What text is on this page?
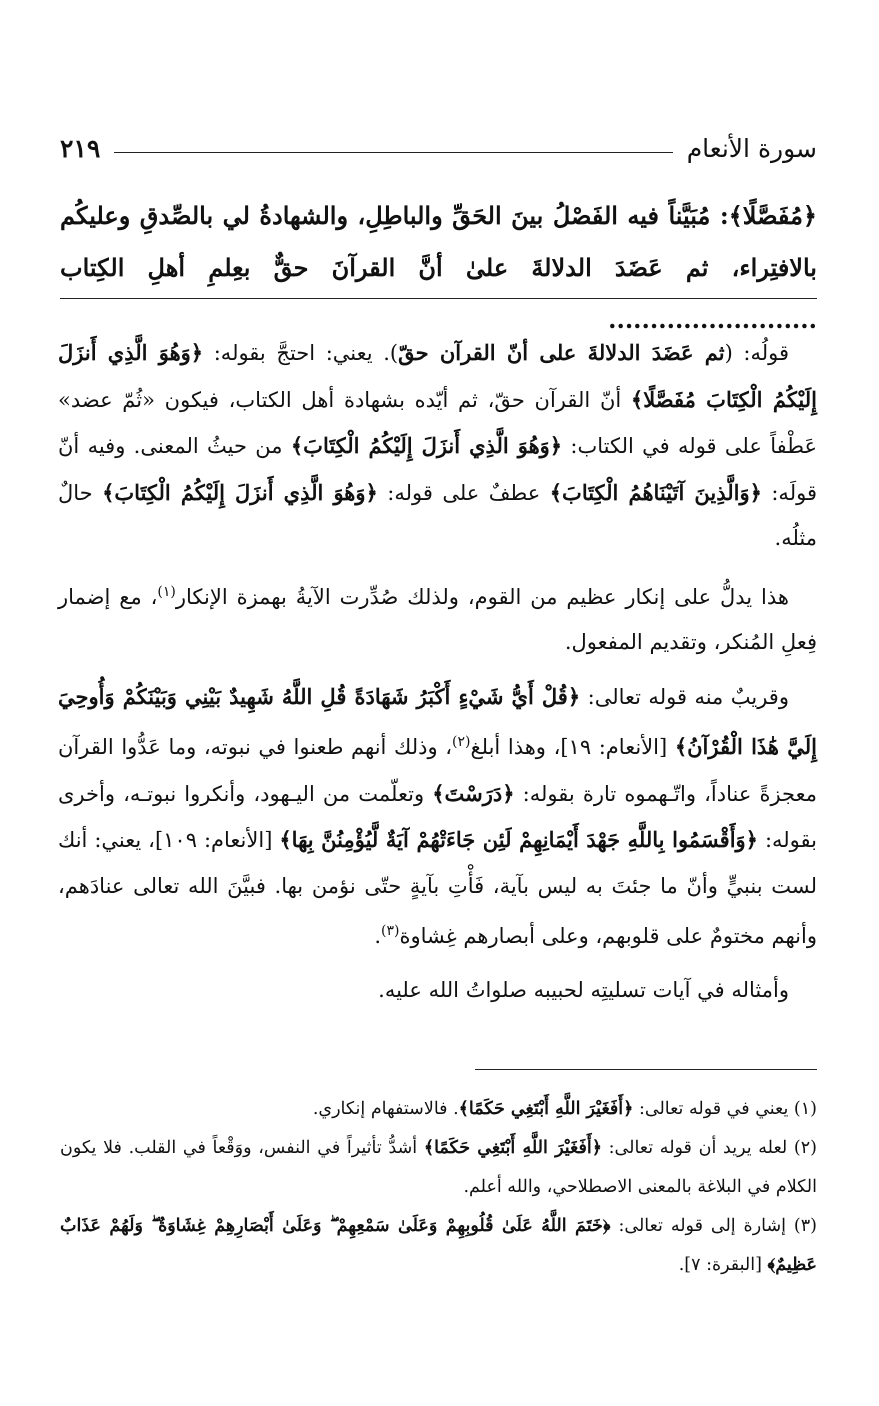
سورة الأنعام
٢١٩
﴿مُفَصَّلًا﴾: مُبَيَّناً فيه الفَصْلُ بينَ الحَقِّ والباطِلِ، والشهادةُ لي بالصِّدقِ وعليكُم بالافتِراء، ثم عَضَدَ الدلالةَ علىٰ أنَّ القرآنَ حقٌّ بعِلمِ أهلِ الكِتاب .........................

قولُه: (ثم عَضَدَ الدلالةَ على أنّ القرآن حقّ). يعني: احتجَّ بقوله: ﴿وَهُوَ الَّذِي أَنزَلَ إِلَيْكُمُ الْكِتَابَ مُفَصَّلًا﴾ أنّ القرآن حقّ، ثم أيّده بشهادة أهل الكتاب، فيكون «ثُمّ عضد» عَطْفاً على قوله في الكتاب: ﴿وَهُوَ الَّذِي أَنزَلَ إِلَيْكُمُ الْكِتَابَ﴾ من حيثُ المعنى. وفيه أنّ قولَه: ﴿وَالَّذِينَ آتَيْنَاهُمُ الْكِتَابَ﴾ عطفٌ على قوله: ﴿وَهُوَ الَّذِي أَنزَلَ إِلَيْكُمُ الْكِتَابَ﴾ حالٌ مثلُه.

هذا يدلُّ على إنكار عظيم من القوم، ولذلك صُدِّرت الآيةُ بهمزة الإنكار$^{(١)}$، مع إضمار فِعلِ المُنكر، وتقديم المفعول.

وقريبٌ منه قوله تعالى: ﴿قُلْ أَيُّ شَيْءٍ أَكْبَرُ شَهَادَةً قُلِ اللَّهُ شَهِيدٌ بَيْنِي وَبَيْنَكُمْ وَأُوحِيَ إِلَيَّ هَٰذَا الْقُرْآنُ﴾ [الأنعام: ١٩]، وهذا أبلغ$^{(٢)}$، وذلك أنهم طعنوا في نبوته، وما عَدُّوا القرآن معجزةً عناداً، واتّـهموه تارة بقوله: ﴿دَرَسْتَ﴾ وتعلّمت من اليـهود، وأنكروا نبوتـه، وأخرى بقوله: ﴿وَأَقْسَمُوا بِاللَّهِ جَهْدَ أَيْمَانِهِمْ لَئِن جَاءَتْهُمْ آيَةٌ لَّيُؤْمِنُنَّ بِهَا﴾ [الأنعام: ١٠٩]، يعني: أنك لست بنبيٍّ وأنّ ما جئتَ به ليس بآية، فَأْتِ بآيةٍ حتّى نؤمن بها. فبيَّنَ الله تعالى عنادَهم، وأنهم مختومٌ على قلوبهم، وعلى أبصارهم غِشاوة$^{(٣)}$.

وأمثاله في آيات تسليتِه لحبيبه صلواتُ الله عليه.

(١) يعني في قوله تعالى: ﴿أَفَغَيْرَ اللَّهِ أَبْتَغِي حَكَمًا﴾. فالاستفهام إنكاري.

(٢) لعله يريد أن قوله تعالى: ﴿أَفَغَيْرَ اللَّهِ أَبْتَغِي حَكَمًا﴾ أشدُّ تأثيراً في النفس، ووَقْعاً في القلب. فلا يكون الكلام في البلاغة بالمعنى الاصطلاحي، والله أعلم.

(٣) إشارة إلى قوله تعالى: ﴿خَتَمَ اللَّهُ عَلَىٰ قُلُوبِهِمْ وَعَلَىٰ سَمْعِهِمْ ۖ وَعَلَىٰ أَبْصَارِهِمْ غِشَاوَةٌ ۖ وَلَهُمْ عَذَابٌ عَظِيمٌ﴾ [البقرة: ٧].
